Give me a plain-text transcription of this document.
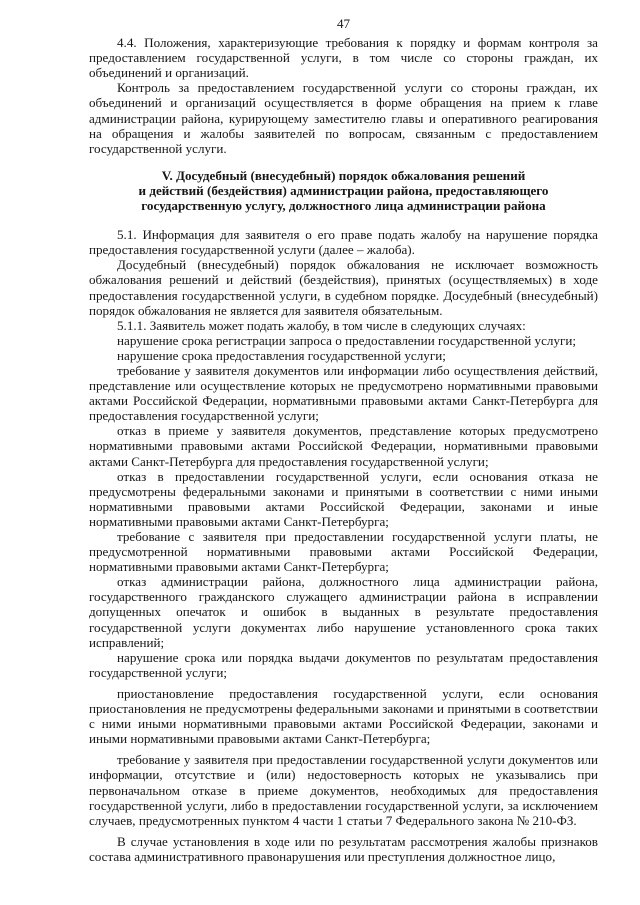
47

4.4. Положения, характеризующие требования к порядку и формам контроля за предоставлением государственной услуги, в том числе со стороны граждан, их объединений и организаций.

Контроль за предоставлением государственной услуги со стороны граждан, их объединений и организаций осуществляется в форме обращения на прием к главе администрации района, курирующему заместителю главы и оперативного реагирования на обращения и жалобы заявителей по вопросам, связанным с предоставлением государственной услуги.

V. Досудебный (внесудебный) порядок обжалования решений
и действий (бездействия) администрации района, предоставляющего
государственную услугу, должностного лица администрации района

5.1. Информация для заявителя о его праве подать жалобу на нарушение порядка предоставления государственной услуги (далее – жалоба).

Досудебный (внесудебный) порядок обжалования не исключает возможность обжалования решений и действий (бездействия), принятых (осуществляемых) в ходе предоставления государственной услуги, в судебном порядке. Досудебный (внесудебный) порядок обжалования не является для заявителя обязательным.

5.1.1. Заявитель может подать жалобу, в том числе в следующих случаях:

нарушение срока регистрации запроса о предоставлении государственной услуги;

нарушение срока предоставления государственной услуги;

требование у заявителя документов или информации либо осуществления действий, представление или осуществление которых не предусмотрено нормативными правовыми актами Российской Федерации, нормативными правовыми актами Санкт-Петербурга для предоставления государственной услуги;

отказ в приеме у заявителя документов, представление которых предусмотрено нормативными правовыми актами Российской Федерации, нормативными правовыми актами Санкт-Петербурга для предоставления государственной услуги;

отказ в предоставлении государственной услуги, если основания отказа не предусмотрены федеральными законами и принятыми в соответствии с ними иными нормативными правовыми актами Российской Федерации, законами и иные нормативными правовыми актами Санкт-Петербурга;

требование с заявителя при предоставлении государственной услуги платы, не предусмотренной нормативными правовыми актами Российской Федерации, нормативными правовыми актами Санкт-Петербурга;

отказ администрации района, должностного лица администрации района, государственного гражданского служащего администрации района в исправлении допущенных опечаток и ошибок в выданных в результате предоставления государственной услуги документах либо нарушение установленного срока таких исправлений;

нарушение срока или порядка выдачи документов по результатам предоставления государственной услуги;

приостановление предоставления государственной услуги, если основания приостановления не предусмотрены федеральными законами и принятыми в соответствии с ними иными нормативными правовыми актами Российской Федерации, законами и иными нормативными правовыми актами Санкт-Петербурга;

требование у заявителя при предоставлении государственной услуги документов или информации, отсутствие и (или) недостоверность которых не указывались при первоначальном отказе в приеме документов, необходимых для предоставления государственной услуги, либо в предоставлении государственной услуги, за исключением случаев, предусмотренных пунктом 4 части 1 статьи 7 Федерального закона № 210-ФЗ.

В случае установления в ходе или по результатам рассмотрения жалобы признаков состава административного правонарушения или преступления должностное лицо,
